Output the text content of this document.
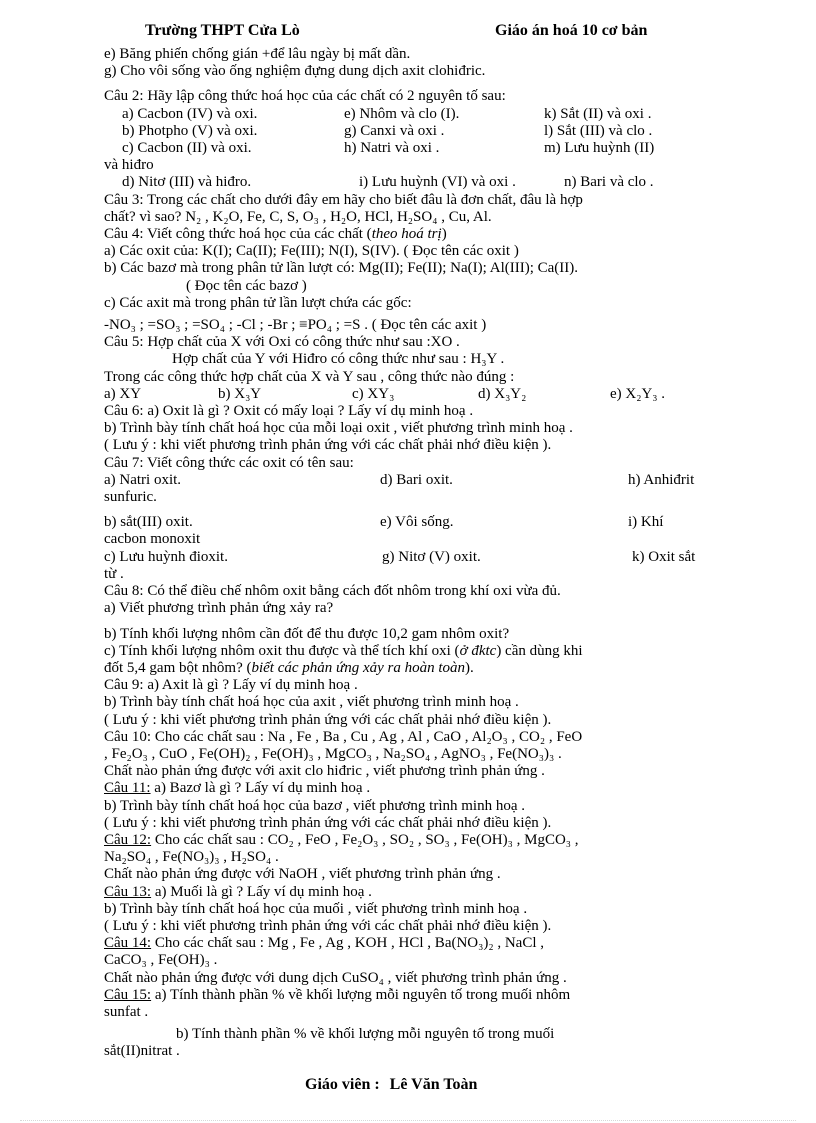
Trường THPT Cửa Lò	Giáo án hoá 10 cơ bản
e) Băng phiến chống gián +để lâu ngày bị mất dần.
g) Cho vôi sống vào ống nghiệm đựng dung dịch axit clohiđric.
Câu 2: Hãy lập công thức hoá học của các chất có 2 nguyên tố sau:
a) Cacbon (IV) và oxi.	e) Nhôm và clo (I).	k) Sắt (II) và oxi .
b) Photpho (V) và oxi.	g) Canxi và oxi .	l) Sắt (III) và clo .
c) Cacbon (II) và oxi.	h) Natri và oxi .	m) Lưu huỳnh (II)
và hiđro
d) Nitơ (III) và hiđro.	i) Lưu huỳnh (VI) và oxi .	n) Bari và clo .
Câu 3: Trong các chất cho dưới đây em hãy cho biết đâu là đơn chất, đâu là hợp
chất? vì sao? N₂ , K₂O, Fe, C, S, O₃ , H₂O, HCl, H₂SO₄ , Cu, Al.
Câu 4: Viết công thức hoá học của các chất (theo hoá trị)
a) Các oxit của: K(I); Ca(II); Fe(III); N(I), S(IV). ( Đọc tên các oxit )
b) Các bazơ mà trong phân tử lần lượt có: Mg(II); Fe(II); Na(I); Al(III); Ca(II).
( Đọc tên các bazơ )
c) Các axit mà trong phân tử lần lượt chứa các gốc:
-NO₃ ; =SO₃ ; =SO₄ ; -Cl ; -Br ; ≡PO₄ ; =S . ( Đọc tên các axit )
Câu 5: Hợp chất của X với Oxi có công thức như sau :XO .
Hợp chất của Y với Hiđro có công thức như sau : H₃Y .
Trong các công thức hợp chất của X và Y sau , công thức nào đúng :
a) XY	b) X₃Y	c) XY₃	d) X₃Y₂	e) X₂Y₃ .
Câu 6: a) Oxit là gì ? Oxit có mấy loại ? Lấy ví dụ minh hoạ .
b) Trình bày tính chất hoá học của mỗi loại oxit , viết phương trình minh hoạ .
( Lưu ý : khi viết phương trình phản ứng với các chất phải nhớ điều kiện ).
Câu 7: Viết công thức các oxit có tên sau:
a) Natri oxit.	d) Bari oxit.	h) Anhiđrit
sunfuric.
b) sắt(III) oxit.	e) Vôi sống.	i) Khí
cacbon monoxit
c) Lưu huỳnh đioxit.	g) Nitơ (V) oxit.	k) Oxit sắt
từ .
Câu 8: Có thể điều chế nhôm oxit bằng cách đốt nhôm trong khí oxi vừa đủ.
a) Viết phương trình phản ứng xảy ra?
b) Tính khối lượng nhôm cần đốt để thu được 10,2 gam nhôm oxit?
c) Tính khối lượng nhôm oxit thu được và thể tích khí oxi (ở đktc) cần dùng khi
đốt 5,4 gam bột nhôm? (biết các phản ứng xảy ra hoàn toàn).
Câu 9: a) Axit là gì ? Lấy ví dụ minh hoạ .
b) Trình bày tính chất hoá học của axit , viết phương trình minh hoạ .
( Lưu ý : khi viết phương trình phản ứng với các chất phải nhớ điều kiện ).
Câu 10: Cho các chất sau : Na , Fe , Ba , Cu , Ag , Al , CaO , Al₂O₃ , CO₂ , FeO
, Fe₂O₃ , CuO , Fe(OH)₂ , Fe(OH)₃ , MgCO₃ , Na₂SO₄ , AgNO₃ , Fe(NO₃)₃ .
Chất nào phản ứng được với axit clo hiđric , viết phương trình phản ứng .
Câu 11: a) Bazơ là gì ? Lấy ví dụ minh hoạ .
b) Trình bày tính chất hoá học của bazơ , viết phương trình minh hoạ .
( Lưu ý : khi viết phương trình phản ứng với các chất phải nhớ điều kiện ).
Câu 12: Cho các chất sau : CO₂ , FeO , Fe₂O₃ , SO₂ , SO₃ , Fe(OH)₃ , MgCO₃ ,
Na₂SO₄ , Fe(NO₃)₃ , H₂SO₄ .
Chất nào phản ứng được với NaOH , viết phương trình phản ứng .
Câu 13: a) Muối là gì ? Lấy ví dụ minh hoạ .
b) Trình bày tính chất hoá học của muối , viết phương trình minh hoạ .
( Lưu ý : khi viết phương trình phản ứng với các chất phải nhớ điều kiện ).
Câu 14: Cho các chất sau : Mg , Fe , Ag , KOH , HCl , Ba(NO₃)₂ , NaCl ,
CaCO₃ , Fe(OH)₃ .
Chất nào phản ứng được với dung dịch CuSO₄ , viết phương trình phản ứng .
Câu 15: a) Tính thành phần % về khối lượng mỗi nguyên tố trong muối nhôm
sunfat .
b) Tính thành phần % về khối lượng mỗi nguyên tố trong muối
sắt(II)nitrat .
Giáo viên : Lê Văn Toàn
